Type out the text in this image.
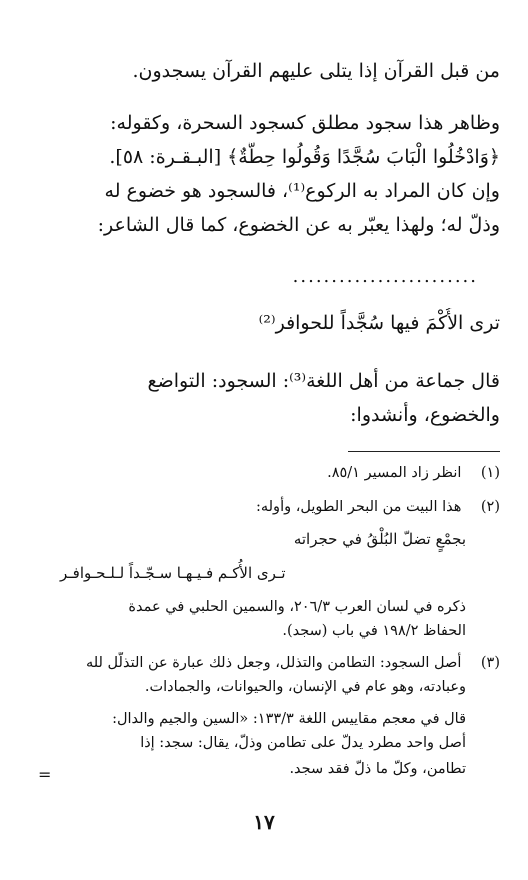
من قبل القرآن إذا يتلى عليهم القرآن يسجدون.
وظاهر هذا سجود مطلق كسجود السحرة، وكقوله:
﴿وَادْخُلُوا الْبَابَ سُجَّدًا وَقُولُوا حِطَّةٌ﴾ [البـقـرة: ٥٨].
وإن كان المراد به الركوع⁽¹⁾، فالسجود هو خضوع له
وذلّ له؛ ولهذا يعبّر به عن الخضوع، كما قال الشاعر:
........................
ترى الأُكْمَ فيها سُجَّداً للحوافر⁽²⁾
قال جماعة من أهل اللغة⁽³⁾: السجود: التواضع
والخضوع، وأنشدوا:
(١) انظر زاد المسير ٨٥/١.
(٢) هذا البيت من البحر الطويل، وأوله:
بجمْعٍ تضلّ البُلْقُ في حجراته
تـرى الأُكـم فـيـهـا سـجّـداً لـلـحـوافـر
ذكره في لسان العرب ٢٠٦/٣، والسمين الحلبي في عمدة
الحفاظ ١٩٨/٢ في باب (سجد).
(٣) أصل السجود: التطامن والتذلل، وجعل ذلك عبارة عن التذلّل لله
وعبادته، وهو عام في الإنسان، والحيوانات، والجمادات.
قال في معجم مقاييس اللغة ١٣٣/٣: «السين والجيم والدال:
أصل واحد مطرد يدلّ على تطامن وذلّ، يقال: سجد: إذا
تطامن، وكلّ ما ذلّ فقد سجد.
=
١٧
